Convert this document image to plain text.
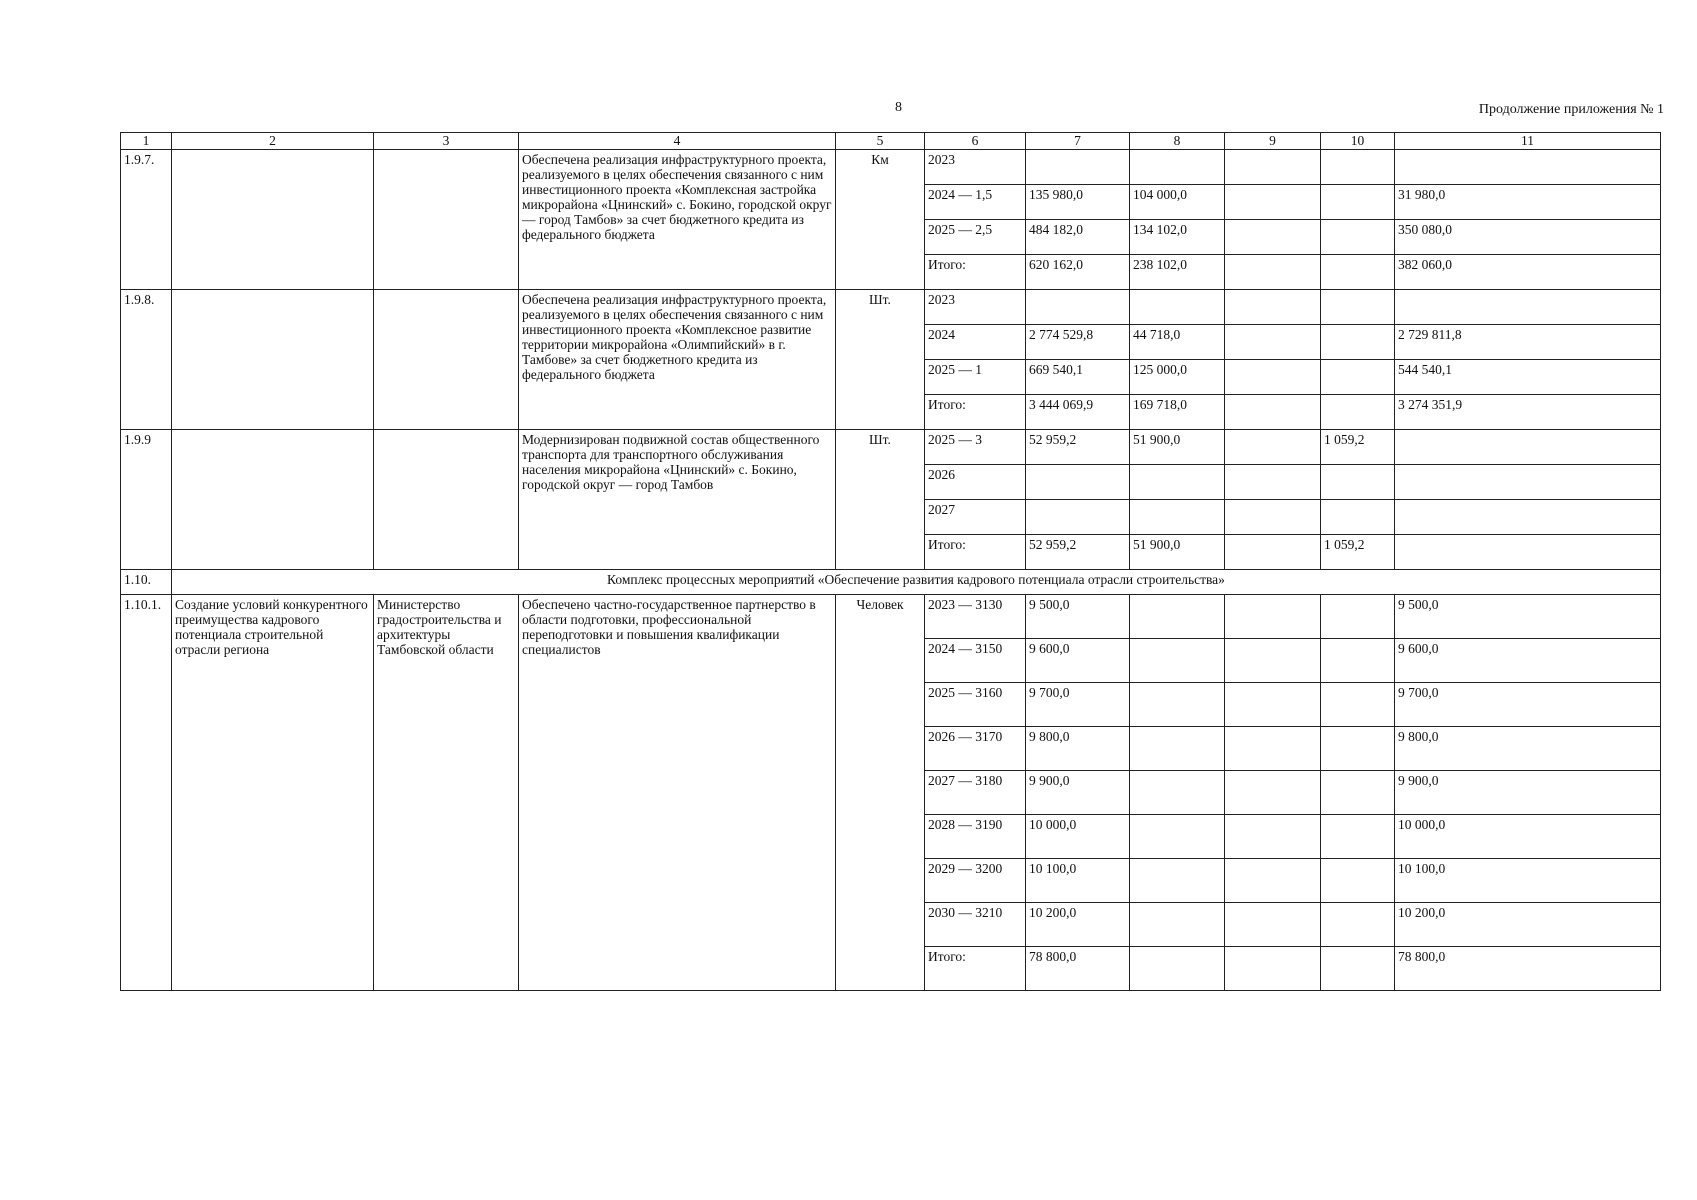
8	Продолжение приложения № 1
1	2	3	4	5	6	7	8	9	10	11
1.9.7.			Обеспечена реализация инфраструктурного проекта, реализуемого в целях обеспечения связанного с ним инвестиционного проекта «Комплексная застройка микрорайона «Цнинский» с. Бокино, городской округ — город Тамбов» за счет бюджетного кредита из федерального бюджета	Км	2023					
					2024 — 1,5	135 980,0	104 000,0			31 980,0
					2025 — 2,5	484 182,0	134 102,0			350 080,0
					Итого:	620 162,0	238 102,0			382 060,0
1.9.8.			Обеспечена реализация инфраструктурного проекта, реализуемого в целях обеспечения связанного с ним инвестиционного проекта «Комплексное развитие территории микрорайона «Олимпийский» в г. Тамбове» за счет бюджетного кредита из федерального бюджета	Шт.	2023					
					2024	2 774 529,8	44 718,0			2 729 811,8
					2025 — 1	669 540,1	125 000,0			544 540,1
					Итого:	3 444 069,9	169 718,0			3 274 351,9
1.9.9			Модернизирован подвижной состав общественного транспорта для транспортного обслуживания населения микрорайона «Цнинский» с. Бокино, городской округ — город Тамбов	Шт.	2025 — 3	52 959,2	51 900,0		1 059,2	
					2026					
					2027					
					Итого:	52 959,2	51 900,0		1 059,2	
1.10.	Комплекс процессных мероприятий «Обеспечение развития кадрового потенциала отрасли строительства»									
1.10.1.	Создание условий конкурентного преимущества кадрового потенциала строительной отрасли региона	Министерство градостроительства и архитектуры Тамбовской области	Обеспечено частно-государственное партнерство в области подготовки, профессиональной переподготовки и повышения квалификации специалистов	Человек	2023 — 3130	9 500,0				9 500,0
					2024 — 3150	9 600,0				9 600,0
					2025 — 3160	9 700,0				9 700,0
					2026 — 3170	9 800,0				9 800,0
					2027 — 3180	9 900,0				9 900,0
					2028 — 3190	10 000,0				10 000,0
					2029 — 3200	10 100,0				10 100,0
					2030 — 3210	10 200,0				10 200,0
					Итого:	78 800,0				78 800,0
